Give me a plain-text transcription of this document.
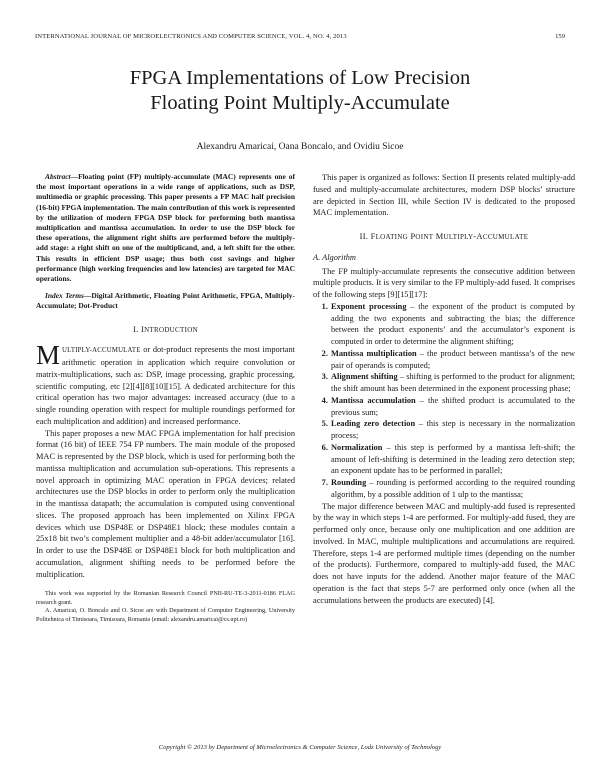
INTERNATIONAL JOURNAL OF MICROELECTRONICS AND COMPUTER SCIENCE, VOL. 4, NO. 4, 2013	159
FPGA Implementations of Low Precision
Floating Point Multiply-Accumulate
Alexandru Amaricai, Oana Boncalo, and Ovidiu Sicoe

Abstract—Floating point (FP) multiply-accumulate (MAC) represents one of the most important operations in a wide range of applications, such as DSP, multimedia or graphic processing. This paper presents a FP MAC half precision (16-bit) FPGA implementation. The main contribution of this work is represented by the utilization of modern FPGA DSP block for performing both mantissa multiplication and mantissa accumulation. In order to use the DSP block for these operations, the alignment right shifts are performed before the multiply-add stage: a right shift on one of the multiplicand, and, a left shift for the other. This results in efficient DSP usage; thus both cost savings and higher performance (high working frequencies and low latencies) are targeted for MAC operations.

Index Terms—Digital Arithmetic, Floating Point Arithmetic, FPGA, Multiply-Accumulate; Dot-Product

I. INTRODUCTION

MULTIPLY-ACCUMULATE or dot-product represents the most important arithmetic operation in application which require convolution or matrix-multiplications, such as: DSP, image processing, graphic processing, scientific computing, etc [2][4][8][10][15]. A dedicated architecture for this critical operation has two major advantages: increased accuracy (due to a single rounding operation with respect for multiple roundings performed for each multiplication and addition) and increased performance.

This paper proposes a new MAC FPGA implementation for half precision format (16 bit) of IEEE 754 FP numbers. The main module of the proposed MAC is represented by the DSP block, which is used for performing both the mantissa multiplication and accumulation sub-operations. This represents a novel approach in optimizing MAC operation in FPGA devices; related architectures use the DSP blocks in order to perform only the multiplication in the mantissa datapath; the accumulation is computed using conventional slices. The proposed approach has been implemented on Xilinx FPGA devices which use DSP48E or DSP48E1 block; these modules contain a 25x18 bit two’s complement multiplier and a 48-bit adder/accumulator [16]. In order to use the DSP48E or DSP48E1 block for both multiplication and accumulation, alignment shifting needs to be performed before the multiplication.

This work was supported by the Romanian Research Council PNII-RU-TE-3-2011-0186 FLAG research grant.

A. Amaricai, O. Boncalo and O. Sicoe are with Department of Computer Engineering, University Politehnica of Timisoara, Timisoara, Romania (email: alexandru.amaricai@cs.upt.ro)

This paper is organized as follows: Section II presents related multiply-add fused and multiply-accumulate architectures, modern DSP blocks’ structure are depicted in Section III, while Section IV is dedicated to the proposed MAC implementation.

II. FLOATING POINT MULTIPLY-ACCUMULATE
A. Algorithm

The FP multiply-accumulate represents the consecutive addition between multiple products. It is very similar to the FP multiply-add fused. It comprises of the following steps [9][15][17]:

1. Exponent processing – the exponent of the product is computed by adding the two exponents and subtracting the bias; the difference between the product exponents’ and the accumulator’s exponent is computed in order to determine the alignment shifting;
2. Mantissa multiplication – the product between mantissa’s of the new pair of operands is computed;
3. Alignment shifting – shifting is performed to the product for alignment; the shift amount has been determined in the exponent processing phase;
4. Mantissa accumulation – the shifted product is accumulated to the previous sum;
5. Leading zero detection – this step is necessary in the normalization process;
6. Normalization – this step is performed by a mantissa left-shift; the amount of left-shifting is determined in the leading zero detection step; an exponent update has to be performed in parallel;
7. Rounding – rounding is performed according to the required rounding algorithm, by a possible addition of 1 ulp to the mantissa;

The major difference between MAC and multiply-add fused is represented by the way in which steps 1-4 are performed. For multiply-add fused, they are performed only once, because only one multiplication and one addition are involved. In MAC, multiple multiplications and accumulations are required. Therefore, steps 1-4 are performed multiple times (depending on the number of the products). Furthermore, compared to multiply-add fused, the MAC does not have inputs for the addend. Another major feature of the MAC operation is the fact that steps 5-7 are performed only once (when all the accumulations between the products are executed) [4].

Copyright © 2013 by Department of Microelectronics & Computer Science, Lodz University of Technology
